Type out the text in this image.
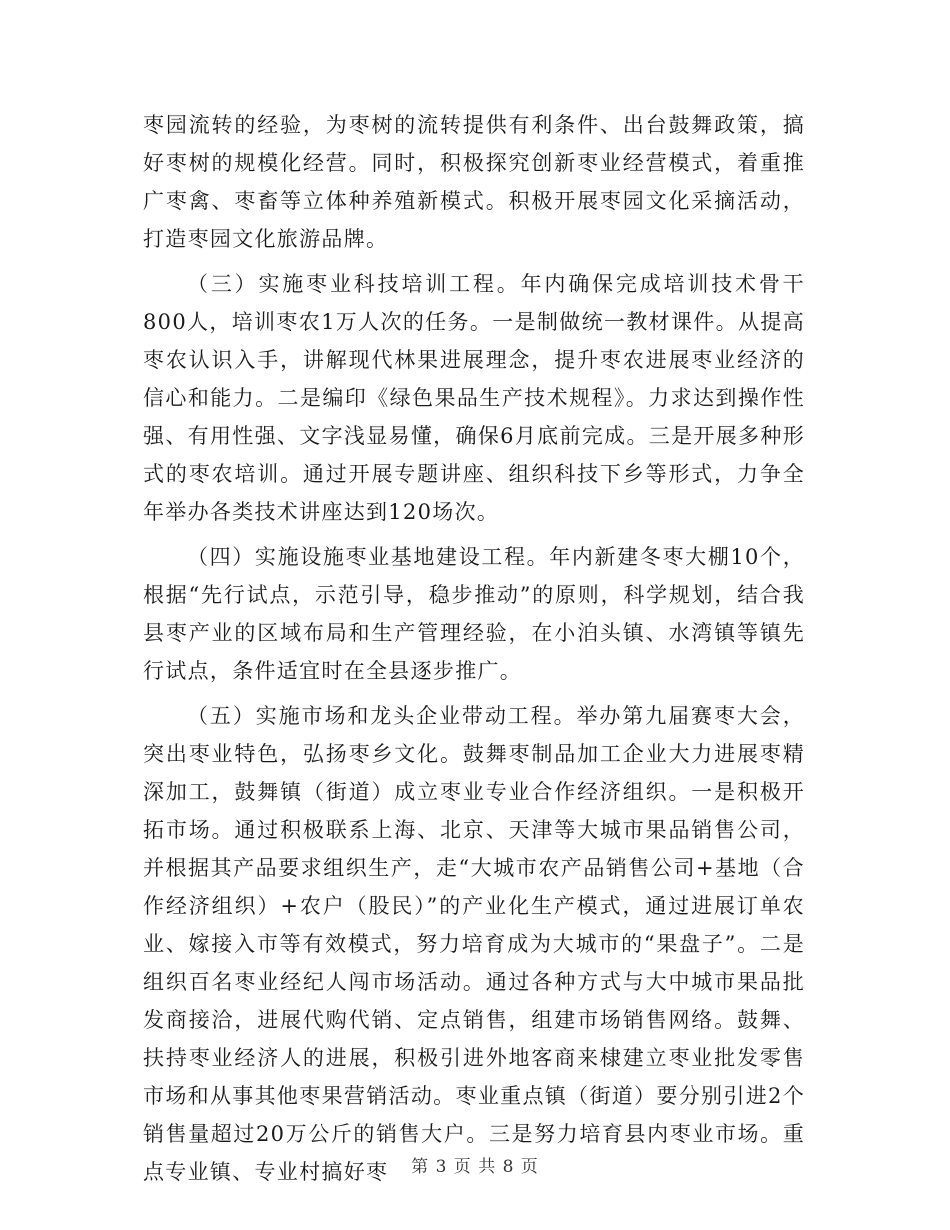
枣园流转的经验，为枣树的流转提供有利条件、出台鼓舞政策，搞好枣树的规模化经营。同时，积极探究创新枣业经营模式，着重推广枣禽、枣畜等立体种养殖新模式。积极开展枣园文化采摘活动，打造枣园文化旅游品牌。

（三）实施枣业科技培训工程。年内确保完成培训技术骨干800人，培训枣农1万人次的任务。一是制做统一教材课件。从提高枣农认识入手，讲解现代林果进展理念，提升枣农进展枣业经济的信心和能力。二是编印《绿色果品生产技术规程》。力求达到操作性强、有用性强、文字浅显易懂，确保6月底前完成。三是开展多种形式的枣农培训。通过开展专题讲座、组织科技下乡等形式，力争全年举办各类技术讲座达到120场次。

（四）实施设施枣业基地建设工程。年内新建冬枣大棚10个，根据“先行试点，示范引导，稳步推动”的原则，科学规划，结合我县枣产业的区域布局和生产管理经验，在小泊头镇、水湾镇等镇先行试点，条件适宜时在全县逐步推广。

（五）实施市场和龙头企业带动工程。举办第九届赛枣大会，突出枣业特色，弘扬枣乡文化。鼓舞枣制品加工企业大力进展枣精深加工，鼓舞镇（街道）成立枣业专业合作经济组织。一是积极开拓市场。通过积极联系上海、北京、天津等大城市果品销售公司，并根据其产品要求组织生产，走“大城市农产品销售公司+基地（合作经济组织）+农户（股民）”的产业化生产模式，通过进展订单农业、嫁接入市等有效模式，努力培育成为大城市的“果盘子”。二是组织百名枣业经纪人闯市场活动。通过各种方式与大中城市果品批发商接洽，进展代购代销、定点销售，组建市场销售网络。鼓舞、扶持枣业经济人的进展，积极引进外地客商来棣建立枣业批发零售市场和从事其他枣果营销活动。枣业重点镇（街道）要分别引进2个销售量超过20万公斤的销售大户。三是努力培育县内枣业市场。重点专业镇、专业村搞好枣	第 3 页 共 8 页
